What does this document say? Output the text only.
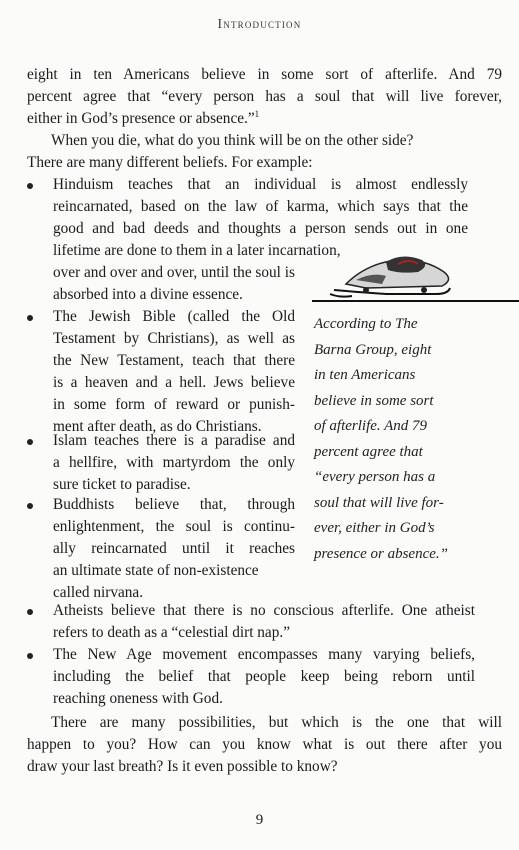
Introduction
eight in ten Americans believe in some sort of afterlife. And 79
percent agree that “every person has a soul that will live forever,
either in God’s presence or absence.”$^1$
When you die, what do you think will be on the other side?
There are many different beliefs. For example:
Hinduism teaches that an individual is almost endlessly
reincarnated, based on the law of karma, which says that the
good and bad deeds and thoughts a person sends out in one
lifetime are done to them in a later incarnation,
over and over and over, until the soul is
absorbed into a divine essence.
The Jewish Bible (called the Old
Testament by Christians), as well as
the New Testament, teach that there
is a heaven and a hell. Jews believe
in some form of reward or punish-
ment after death, as do Christians.
Islam teaches there is a paradise and
a hellfire, with martyrdom the only
sure ticket to paradise.
Buddhists believe that, through
enlightenment, the soul is continu-
ally reincarnated until it reaches
an ultimate state of non-existence
called nirvana.
Atheists believe that there is no conscious afterlife. One atheist
refers to death as a “celestial dirt nap.”
The New Age movement encompasses many varying beliefs,
including the belief that people keep being reborn until
reaching oneness with God.
There are many possibilities, but which is the one that will
happen to you? How can you know what is out there after you
draw your last breath? Is it even possible to know?
According to The
Barna Group, eight
in ten Americans
believe in some sort
of afterlife. And 79
percent agree that
“every person has a
soul that will live for-
ever, either in God’s
presence or absence.”
9
